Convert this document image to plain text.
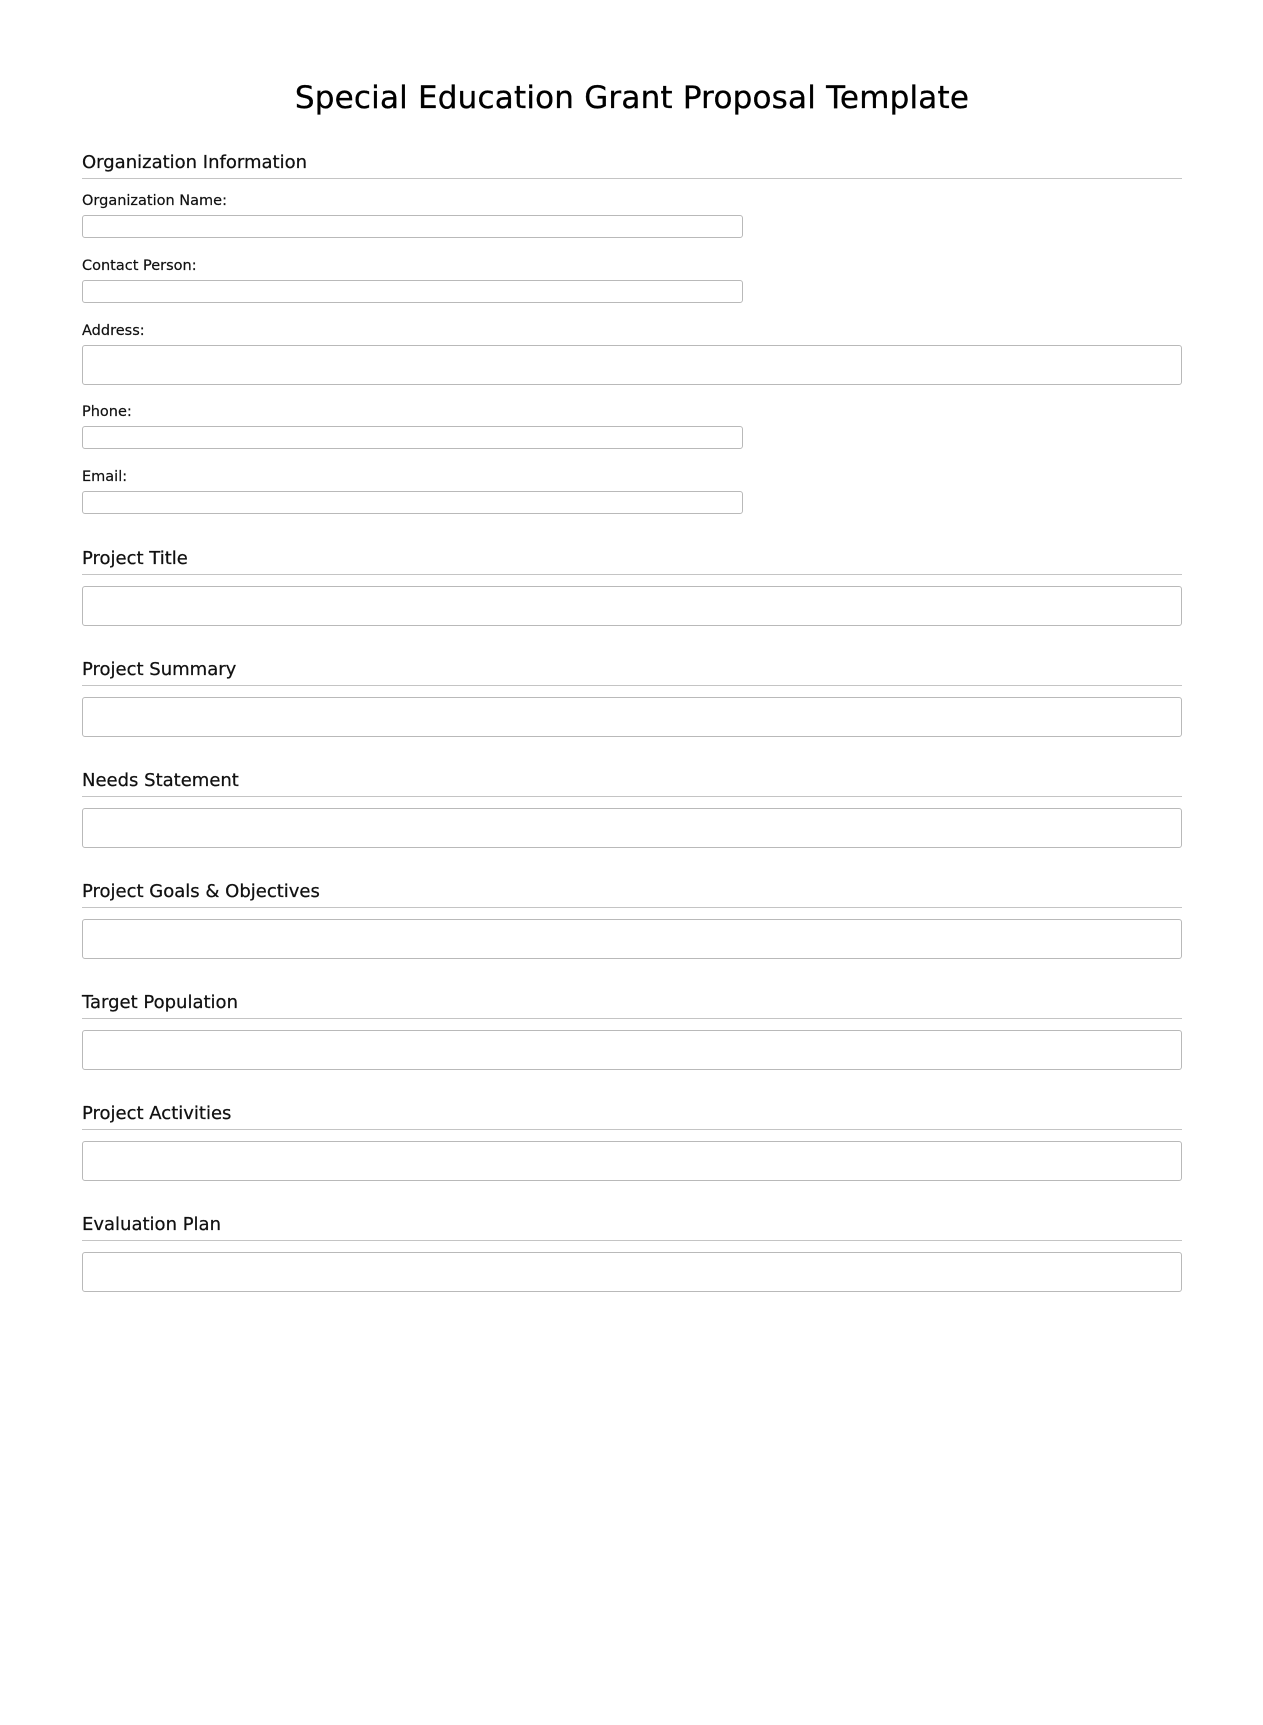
Special Education Grant Proposal Template
Organization Information
Organization Name:
Contact Person:
Address:
Phone:
Email:
Project Title
Project Summary
Needs Statement
Project Goals & Objectives
Target Population
Project Activities
Evaluation Plan
